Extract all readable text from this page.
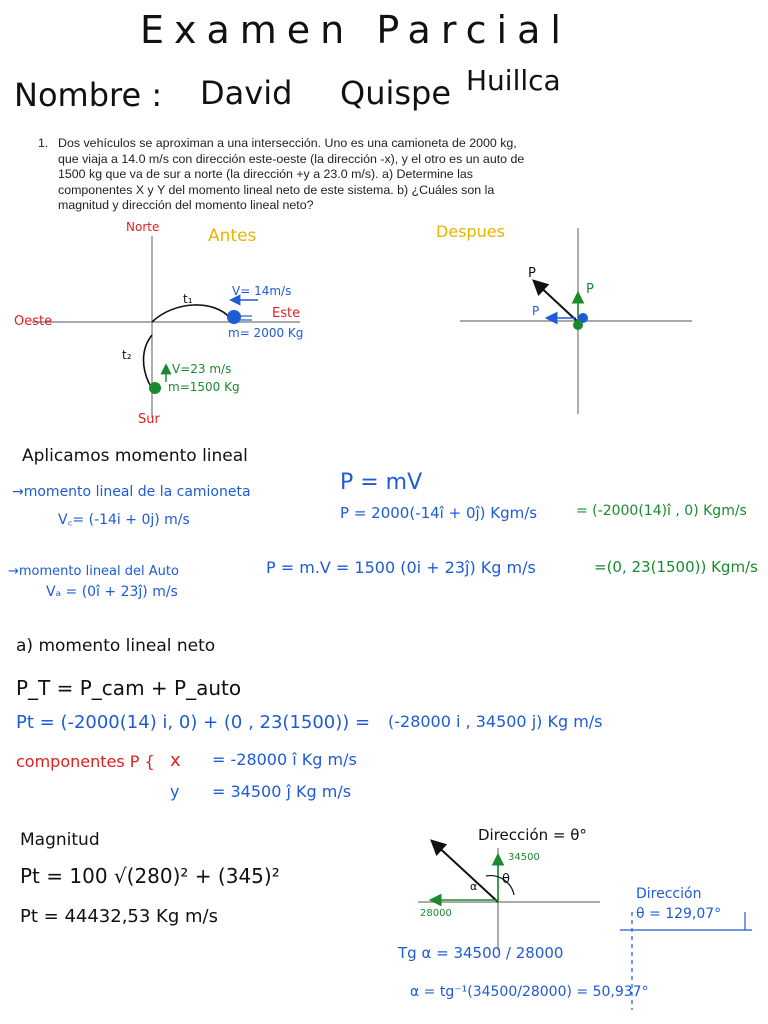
Examen Parcial
Nombre : David Quispe Huillca
1. Dos vehículos se aproximan a una intersección. Uno es una camioneta de 2000 kg, que viaja a 14.0 m/s con dirección este-oeste (la dirección -x), y el otro es un auto de 1500 kg que va de sur a norte (la dirección +y a 23.0 m/s). a) Determine las componentes X y Y del momento lineal neto de este sistema. b) ¿Cuáles son la magnitud y dirección del momento lineal neto?
Norte	Antes
Oeste
Este
Sur
t₁
t₂
V= 14m/s
m= 2000 Kg
V=23 m/s
m=1500 Kg
Despues
P
P
P
Aplicamos momento lineal
→momento lineal de la camioneta
V꜀= (-14i + 0j) m/s
P = mV
P = 2000(-14î + 0ĵ) Kgm/s	= (-2000(14)î , 0) Kgm/s
→momento lineal del Auto
Vₐ = (0î + 23ĵ) m/s
P = m.V = 1500 (0i + 23ĵ) Kg m/s	=(0, 23(1500)) Kgm/s
a) momento lineal neto
P_T = P_cam + P_auto
Pt = (-2000(14) i, 0) + (0 , 23(1500)) = (-28000 i , 34500 j) Kg m/s
componentes P { x = -28000 î Kg m/s
y = 34500 ĵ Kg m/s
Magnitud
Pt = 100 √(280)² + (345)²
Pt = 44432,53 Kg m/s
Dirección = θ°
34500
28000
α θ
Tg α = 34500 / 28000
α = tg⁻¹(34500/28000) = 50,937°
Dirección
θ = 129,07°
